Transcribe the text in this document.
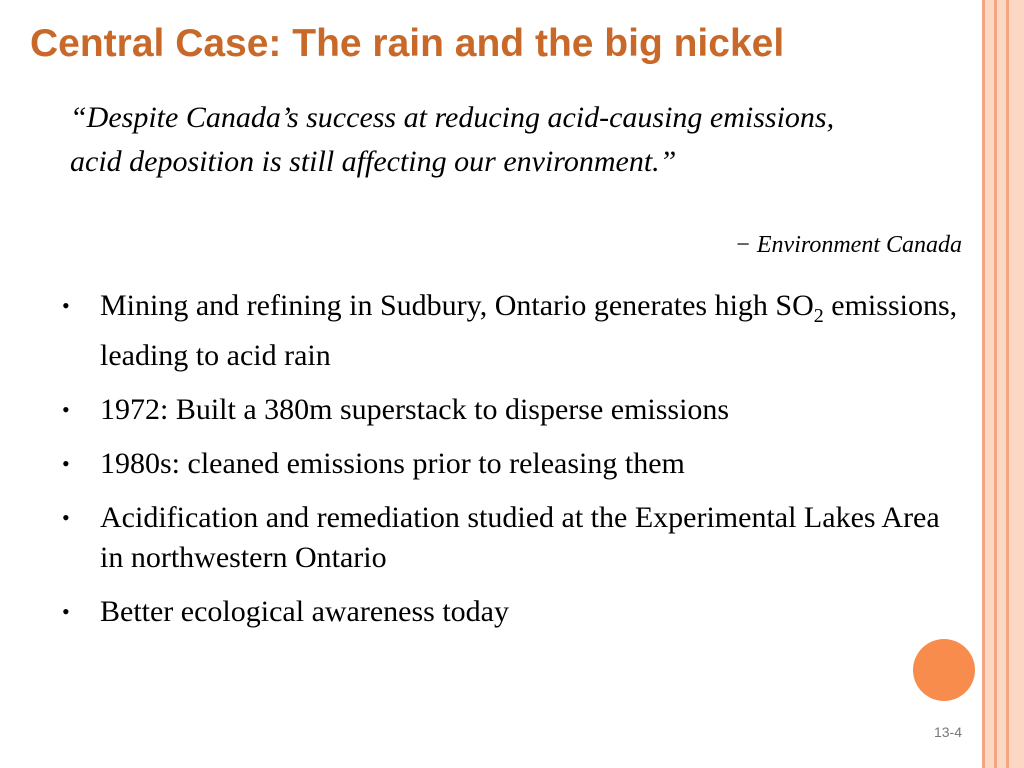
Central Case: The rain and the big nickel

“Despite Canada’s success at reducing acid-causing emissions, acid deposition is still affecting our environment.”

− Environment Canada

• Mining and refining in Sudbury, Ontario generates high $SO_2$ emissions, leading to acid rain
• 1972: Built a 380m superstack to disperse emissions
• 1980s: cleaned emissions prior to releasing them
• Acidification and remediation studied at the Experimental Lakes Area in northwestern Ontario
• Better ecological awareness today

13-4
